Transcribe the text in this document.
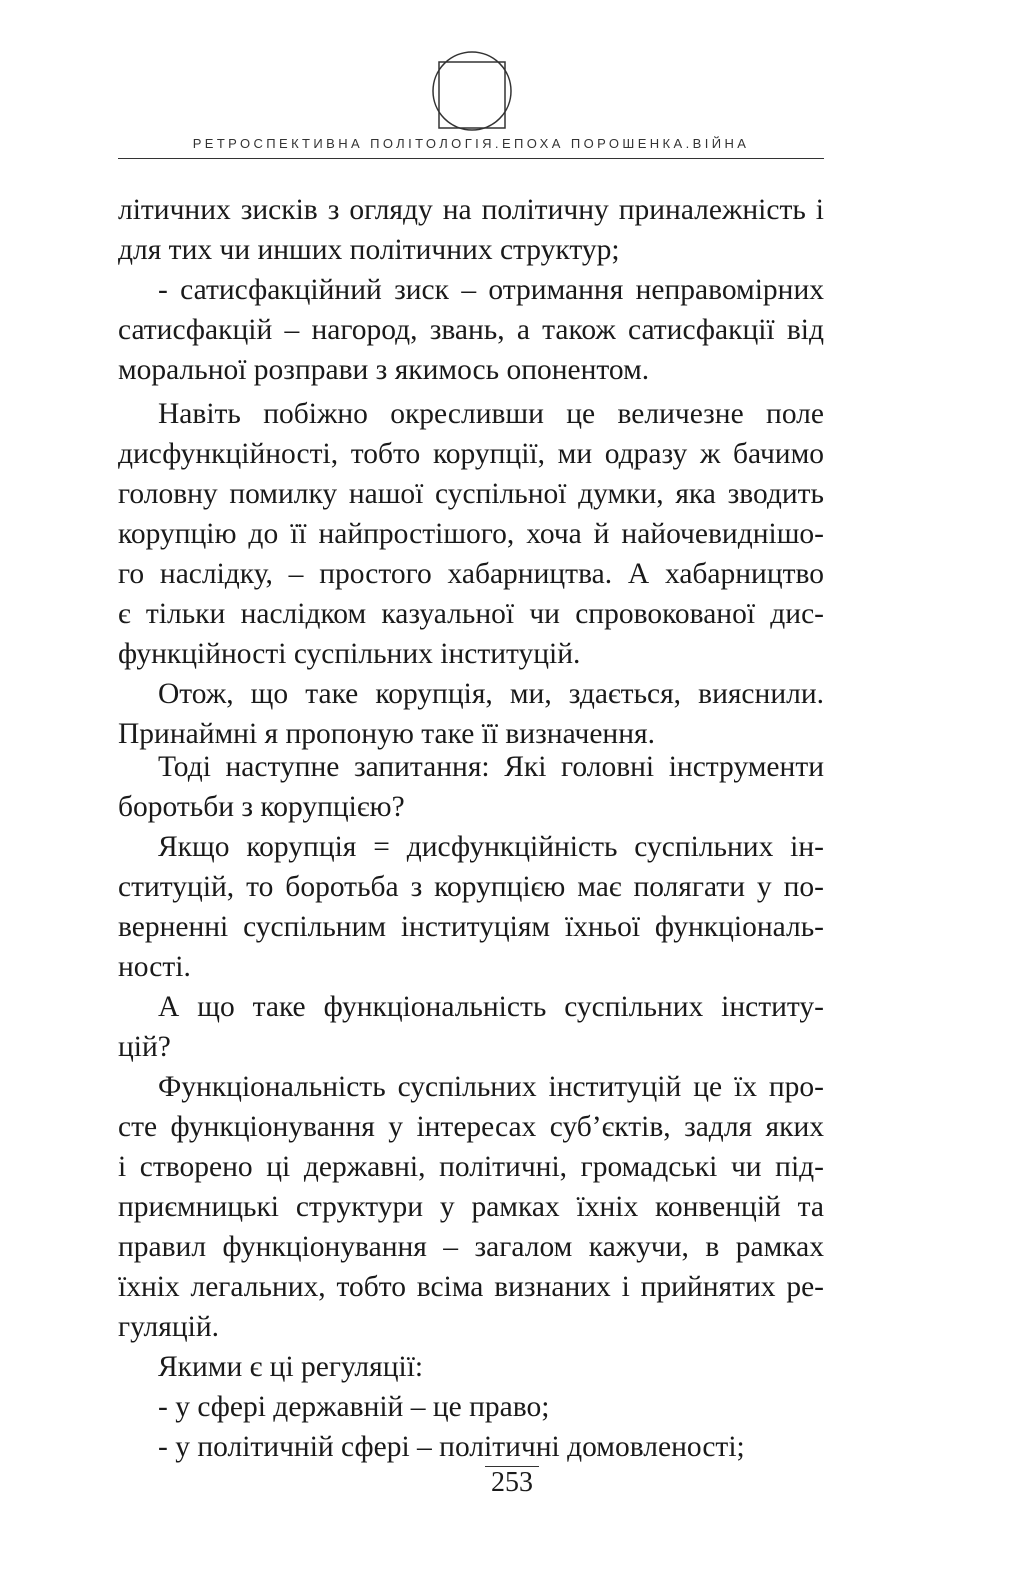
РЕТРОСПЕКТИВНА ПОЛІТОЛОГІЯ.ЕПОХА ПОРОШЕНКА.ВІЙНА
літичних зисків з огляду на політичну приналежність і
для тих чи инших політичних структур;
- сатисфакційний зиск – отримання неправомірних
сатисфакцій – нагород, звань, а також сатисфакції від
моральної розправи з якимось опонентом.
Навіть побіжно окресливши це величезне поле
дисфункційності, тобто корупції, ми одразу ж бачимо
головну помилку нашої суспільної думки, яка зводить
корупцію до її найпростішого, хоча й найочевиднішо-
го наслідку, – простого хабарництва. А хабарництво
є тільки наслідком казуальної чи спровокованої дис-
функційності суспільних інституцій.
Отож, що таке корупція, ми, здається, вияснили.
Принаймні я пропоную таке її визначення.
Тоді наступне запитання: Які головні інструменти
боротьби з корупцією?
Якщо корупція = дисфункційність суспільних ін-
ституцій, то боротьба з корупцією має полягати у по-
верненні суспільним інституціям їхньої функціональ-
ності.
А що таке функціональність суспільних інститу-
цій?
Функціональність суспільних інституцій це їх про-
сте функціонування у інтересах суб’єктів, задля яких
і створено ці державні, політичні, громадські чи під-
приємницькі структури у рамках їхніх конвенцій та
правил функціонування – загалом кажучи, в рамках
їхніх легальних, тобто всіма визнаних і прийнятих ре-
гуляцій.
Якими є ці регуляції:
- у сфері державній – це право;
- у політичній сфері – політичні домовленості;
253
